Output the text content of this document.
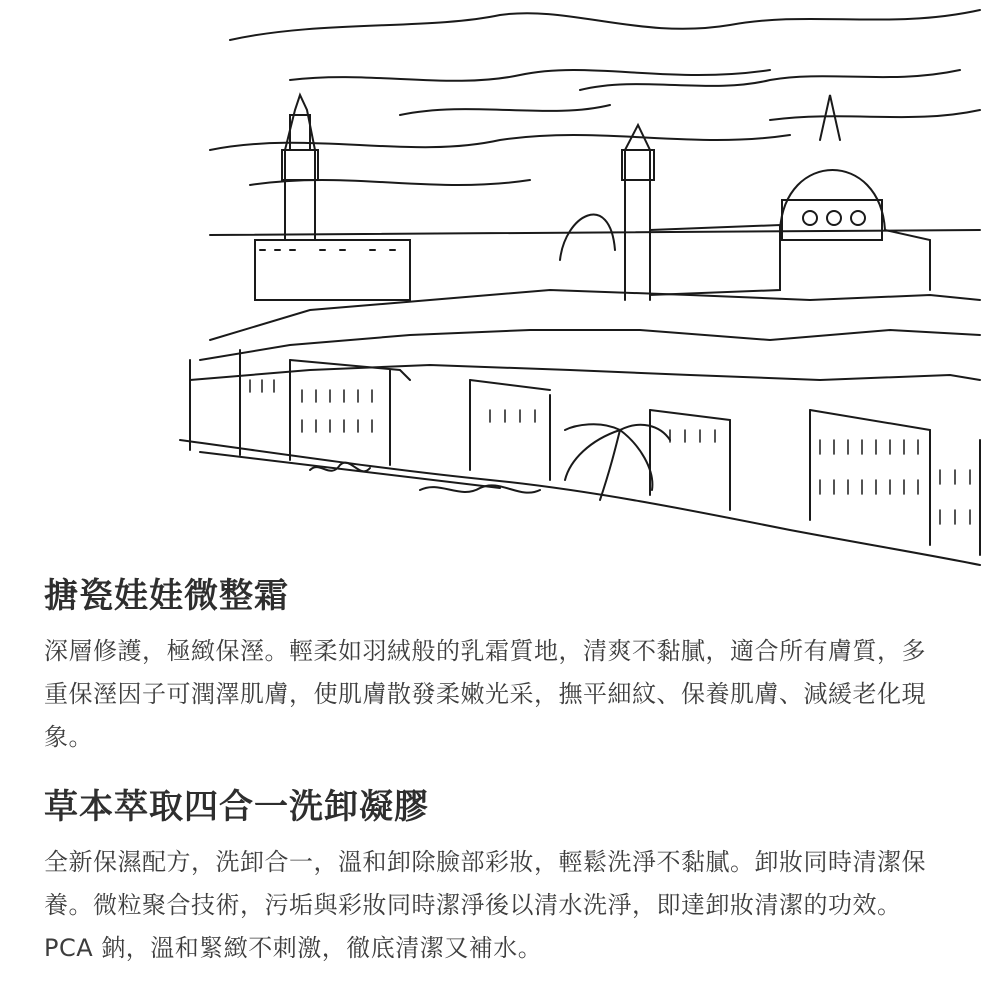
搪瓷娃娃微整霜

深層修護，極緻保溼。輕柔如羽絨般的乳霜質地，清爽不黏膩，適合所有膚質，多重保溼因子可潤澤肌膚，使肌膚散發柔嫩光采，撫平細紋、保養肌膚、減緩老化現象。

草本萃取四合一洗卸凝膠

全新保濕配方，洗卸合一，溫和卸除臉部彩妝，輕鬆洗淨不黏膩。卸妝同時清潔保養。微粒聚合技術，污垢與彩妝同時潔淨後以清水洗淨，即達卸妝清潔的功效。PCA 鈉，溫和緊緻不刺激，徹底清潔又補水。
